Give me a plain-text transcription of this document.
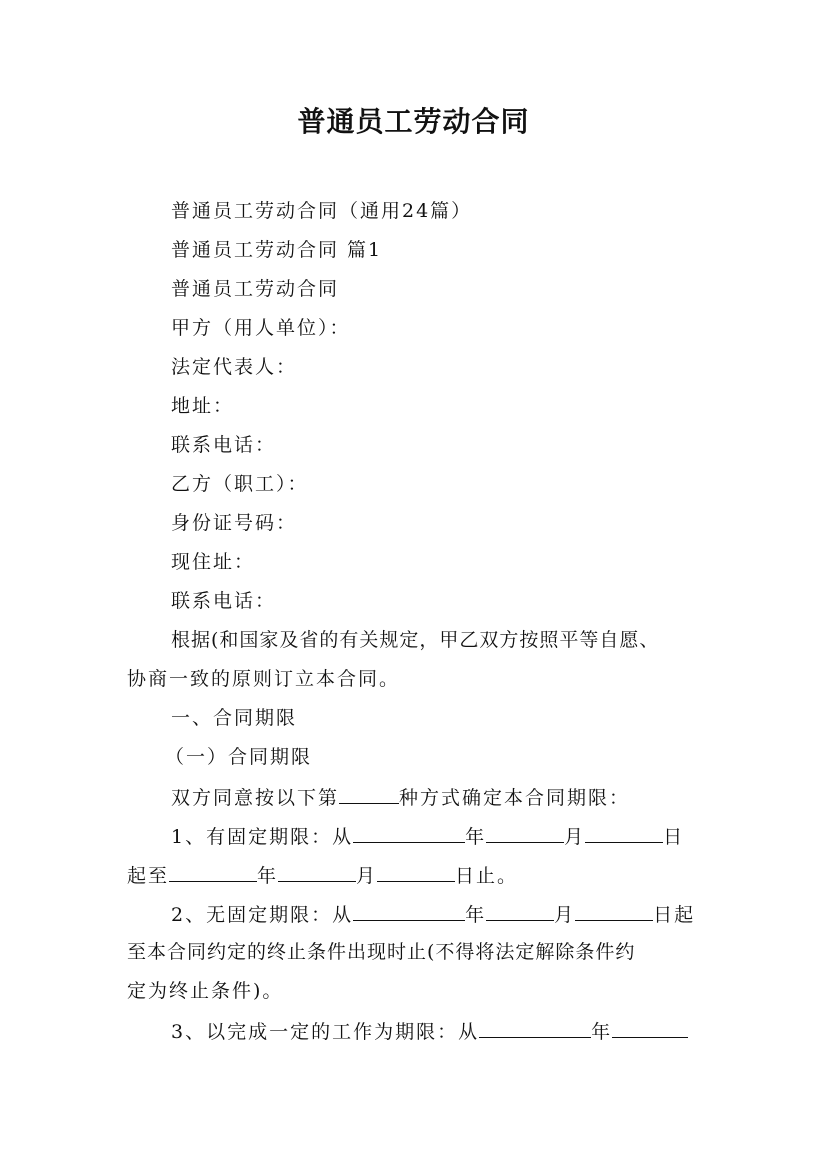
普通员工劳动合同
普通员工劳动合同（通用24篇）
普通员工劳动合同 篇1
普通员工劳动合同
甲方（用人单位）：
法定代表人：
地址：
联系电话：
乙方（职工）：
身份证号码：
现住址：
联系电话：
根据(和国家及省的有关规定，甲乙双方按照平等自愿、
协商一致的原则订立本合同。
一、合同期限
（一）合同期限
双方同意按以下第	种方式确定本合同期限：
1、有固定期限：从	年	月	日
起至	年	月	日止。
2、无固定期限：从	年	月	日起
至本合同约定的终止条件出现时止(不得将法定解除条件约
定为终止条件)。
3、以完成一定的工作为期限：从	年
